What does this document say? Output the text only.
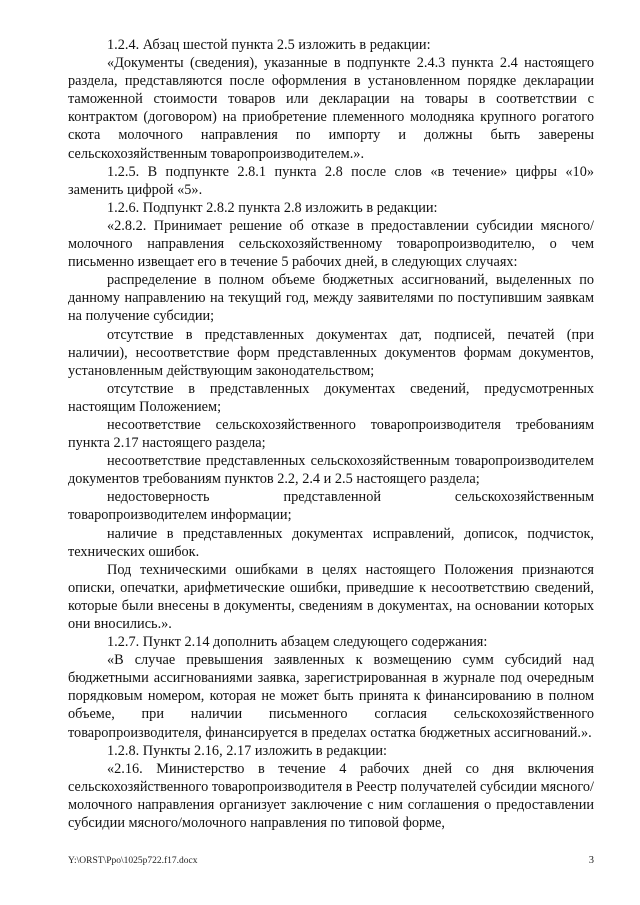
1.2.4. Абзац шестой пункта 2.5 изложить в редакции:

«Документы (сведения), указанные в подпункте 2.4.3 пункта 2.4 настоящего раздела, представляются после оформления в установленном порядке декларации таможенной стоимости товаров или декларации на товары в соответствии с контрактом (договором) на приобретение племенного молодняка крупного рогатого скота молочного направления по импорту и должны быть заверены сельскохозяйственным товаропроизводителем.».

1.2.5. В подпункте 2.8.1 пункта 2.8 после слов «в течение» цифры «10» заменить цифрой «5».

1.2.6. Подпункт 2.8.2 пункта 2.8 изложить в редакции:

«2.8.2. Принимает решение об отказе в предоставлении субсидии мясного/молочного направления сельскохозяйственному товаропроизводителю, о чем письменно извещает его в течение 5 рабочих дней, в следующих случаях:

распределение в полном объеме бюджетных ассигнований, выделенных по данному направлению на текущий год, между заявителями по поступившим заявкам на получение субсидии;

отсутствие в представленных документах дат, подписей, печатей (при наличии), несоответствие форм представленных документов формам документов, установленным действующим законодательством;

отсутствие в представленных документах сведений, предусмотренных настоящим Положением;

несоответствие сельскохозяйственного товаропроизводителя требованиям пункта 2.17 настоящего раздела;

несоответствие представленных сельскохозяйственным товаропроизводителем документов требованиям пунктов 2.2, 2.4 и 2.5 настоящего раздела;

недостоверность представленной сельскохозяйственным товаропроизводителем информации;

наличие в представленных документах исправлений, дописок, подчисток, технических ошибок.

Под техническими ошибками в целях настоящего Положения признаются описки, опечатки, арифметические ошибки, приведшие к несоответствию сведений, которые были внесены в документы, сведениям в документах, на основании которых они вносились.».

1.2.7. Пункт 2.14 дополнить абзацем следующего содержания:

«В случае превышения заявленных к возмещению сумм субсидий над бюджетными ассигнованиями заявка, зарегистрированная в журнале под очередным порядковым номером, которая не может быть принята к финансированию в полном объеме, при наличии письменного согласия сельскохозяйственного товаропроизводителя, финансируется в пределах остатка бюджетных ассигнований.».

1.2.8. Пункты 2.16, 2.17 изложить в редакции:

«2.16. Министерство в течение 4 рабочих дней со дня включения сельскохозяйственного товаропроизводителя в Реестр получателей субсидии мясного/молочного направления организует заключение с ним соглашения о предоставлении субсидии мясного/молочного направления по типовой форме,

Y:\ORST\Ppo\1025p722.f17.docx	3
